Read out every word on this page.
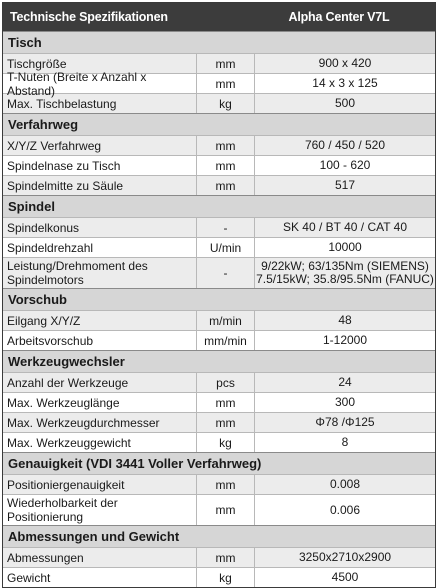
Technische Spezifikationen	Alpha Center V7L
Tisch
Tischgröße	mm	900 x 420
T-Nuten (Breite x Anzahl x Abstand)	mm	14 x 3 x 125
Max. Tischbelastung	kg	500
Verfahrweg
X/Y/Z Verfahrweg	mm	760 / 450 / 520
Spindelnase zu Tisch	mm	100 - 620
Spindelmitte zu Säule	mm	517
Spindel
Spindelkonus	-	SK 40 / BT 40 / CAT 40
Spindeldrehzahl	U/min	10000
Leistung/Drehmoment des Spindelmotors	-	9/22kW; 63/135Nm (SIEMENS) 7.5/15kW; 35.8/95.5Nm (FANUC)
Vorschub
Eilgang X/Y/Z	m/min	48
Arbeitsvorschub	mm/min	1-12000
Werkzeugwechsler
Anzahl der Werkzeuge	pcs	24
Max. Werkzeuglänge	mm	300
Max. Werkzeugdurchmesser	mm	Φ78 /Φ125
Max. Werkzeuggewicht	kg	8
Genauigkeit (VDI 3441 Voller Verfahrweg)
Positioniergenauigkeit	mm	0.008
Wiederholbarkeit der Positionierung	mm	0.006
Abmessungen und Gewicht
Abmessungen	mm	3250x2710x2900
Gewicht	kg	4500
